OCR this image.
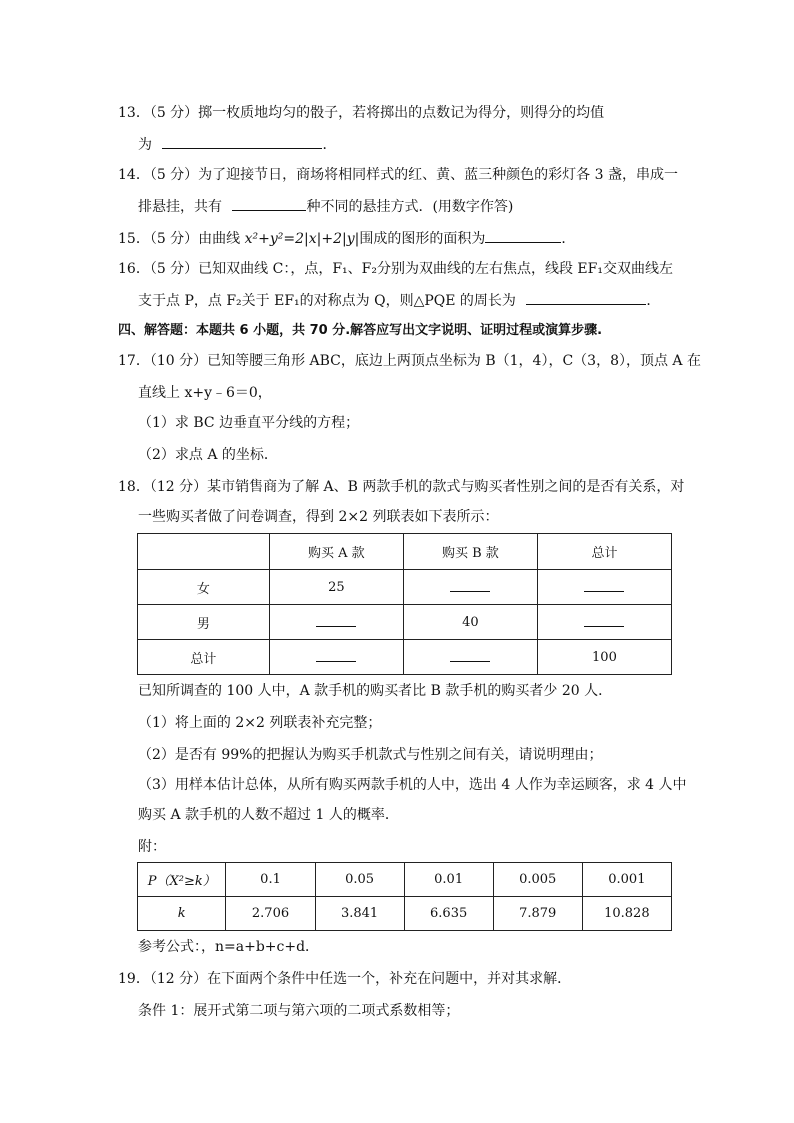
13．（5 分）掷一枚质地均匀的骰子，若将掷出的点数记为得分，则得分的均值
为	．
14．（5 分）为了迎接节日，商场将相同样式的红、黄、蓝三种颜色的彩灯各 3 盏，串成一
排悬挂，共有	种不同的悬挂方式．(用数字作答)
15．（5 分）由曲线 x²+y²=2|x|+2|y|围成的图形的面积为	．
16．（5 分）已知双曲线 C：，点，F₁、F₂分别为双曲线的左右焦点，线段 EF₁交双曲线左
支于点 P，点 F₂关于 EF₁的对称点为 Q，则△PQE 的周长为	．
四、解答题：本题共 6 小题，共 70 分.解答应写出文字说明、证明过程或演算步骤.
17．（10 分）已知等腰三角形 ABC，底边上两顶点坐标为 B（1，4），C（3，8），顶点 A 在
直线上 x+y﹣6＝0，
（1）求 BC 边垂直平分线的方程；
（2）求点 A 的坐标．
18．（12 分）某市销售商为了解 A、B 两款手机的款式与购买者性别之间的是否有关系，对
一些购买者做了问卷调查，得到 2×2 列联表如下表所示：
	购买 A 款	购买 B 款	总计
女	25		
男		40	
总计			100
已知所调查的 100 人中，A 款手机的购买者比 B 款手机的购买者少 20 人．
（1）将上面的 2×2 列联表补充完整；
（2）是否有 99%的把握认为购买手机款式与性别之间有关，请说明理由；
（3）用样本估计总体，从所有购买两款手机的人中，选出 4 人作为幸运顾客，求 4 人中
购买 A 款手机的人数不超过 1 人的概率．
附：
P（Χ²≥k）	0.1	0.05	0.01	0.005	0.001
k	2.706	3.841	6.635	7.879	10.828
参考公式：，n=a+b+c+d．
19．（12 分）在下面两个条件中任选一个，补充在问题中，并对其求解．
条件 1：展开式第二项与第六项的二项式系数相等；
